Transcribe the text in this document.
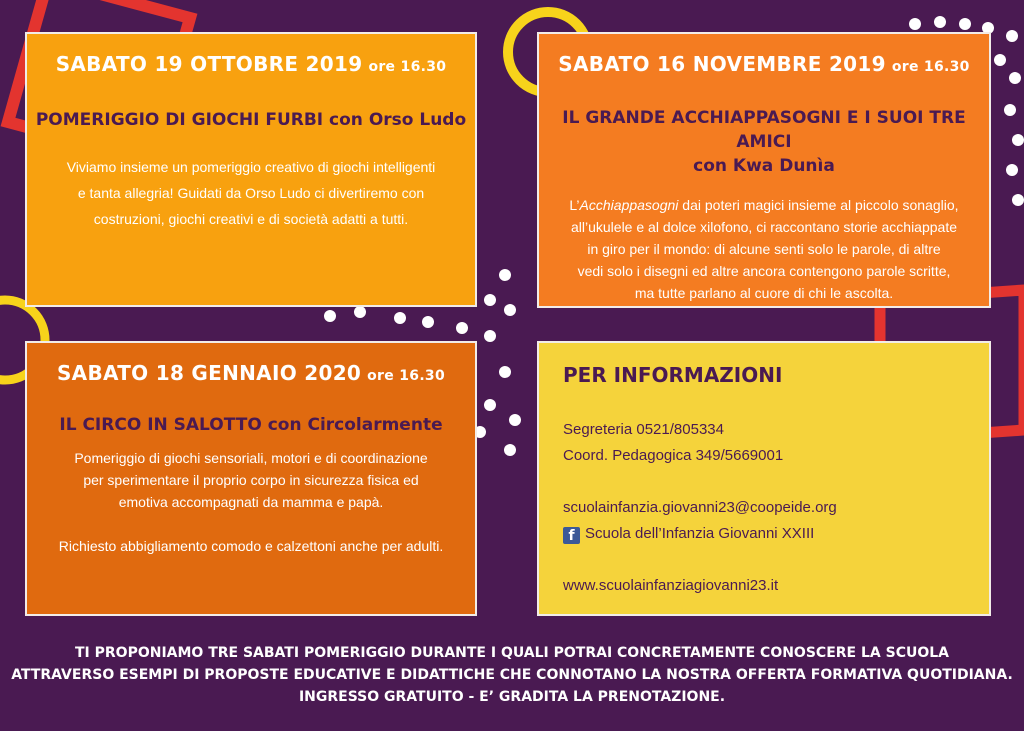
SABATO 19 OTTOBRE 2019 ore 16.30
POMERIGGIO DI GIOCHI FURBI con Orso Ludo
Viviamo insieme un pomeriggio creativo di giochi intelligenti
e tanta allegria! Guidati da Orso Ludo ci divertiremo con
costruzioni, giochi creativi e di società adatti a tutti.
SABATO 16 NOVEMBRE 2019 ore 16.30
IL GRANDE ACCHIAPPASOGNI E I SUOI TRE AMICI
con Kwa Dunìa
L’Acchiappasogni dai poteri magici insieme al piccolo sonaglio,
all’ukulele e al dolce xilofono, ci raccontano storie acchiappate
in giro per il mondo: di alcune senti solo le parole, di altre
vedi solo i disegni ed altre ancora contengono parole scritte,
ma tutte parlano al cuore di chi le ascolta.
SABATO 18 GENNAIO 2020 ore 16.30
IL CIRCO IN SALOTTO con Circolarmente
Pomeriggio di giochi sensoriali, motori e di coordinazione
per sperimentare il proprio corpo in sicurezza fisica ed
emotiva accompagnati da mamma e papà.
Richiesto abbigliamento comodo e calzettoni anche per adulti.
PER INFORMAZIONI
Segreteria 0521/805334
Coord. Pedagogica 349/5669001
scuolainfanzia.giovanni23@coopeide.org
f Scuola dell’Infanzia Giovanni XXIII
www.scuolainfanziagiovanni23.it
TI PROPONIAMO TRE SABATI POMERIGGIO DURANTE I QUALI POTRAI CONCRETAMENTE CONOSCERE LA SCUOLA
ATTRAVERSO ESEMPI DI PROPOSTE EDUCATIVE E DIDATTICHE CHE CONNOTANO LA NOSTRA OFFERTA FORMATIVA QUOTIDIANA.
INGRESSO GRATUITO - E’ GRADITA LA PRENOTAZIONE.
